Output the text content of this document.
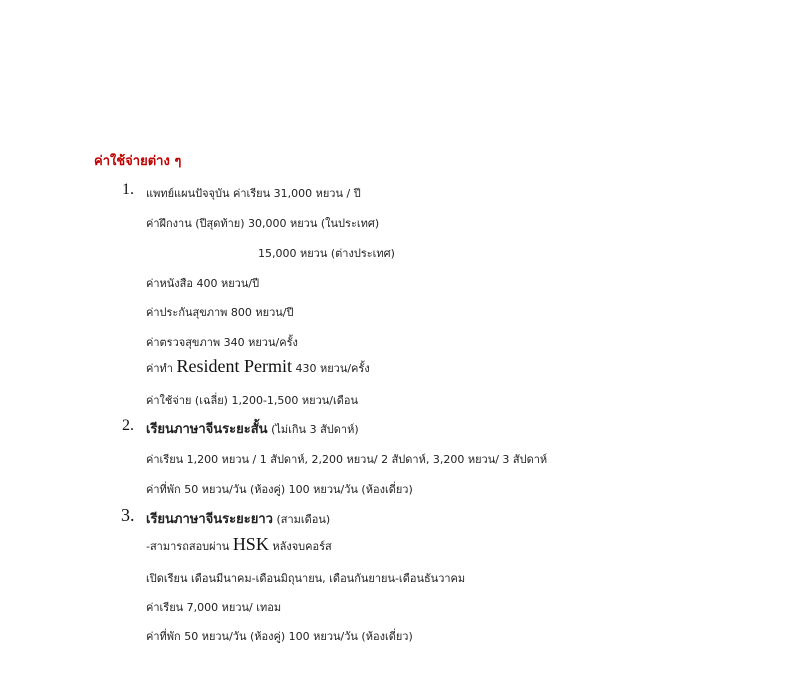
ค่าใช้จ่ายต่าง ๆ
1. แพทย์แผนปัจจุบัน ค่าเรียน 31,000 หยวน / ปี
ค่าฝึกงาน (ปีสุดท้าย) 30,000 หยวน (ในประเทศ)
15,000 หยวน (ต่างประเทศ)
ค่าหนังสือ 400 หยวน/ปี
ค่าประกันสุขภาพ 800 หยวน/ปี
ค่าตรวจสุขภาพ 340 หยวน/ครั้ง
ค่าทำ Resident Permit 430 หยวน/ครั้ง
ค่าใช้จ่าย (เฉลี่ย) 1,200-1,500 หยวน/เดือน
2. เรียนภาษาจีนระยะสั้น (ไม่เกิน 3 สัปดาห์)
ค่าเรียน 1,200 หยวน / 1 สัปดาห์, 2,200 หยวน/ 2 สัปดาห์, 3,200 หยวน/ 3 สัปดาห์
ค่าที่พัก 50 หยวน/วัน (ห้องคู่) 100 หยวน/วัน (ห้องเดี่ยว)
3. เรียนภาษาจีนระยะยาว (สามเดือน)
-สามารถสอบผ่าน HSK หลังจบคอร์ส
เปิดเรียน เดือนมีนาคม-เดือนมิถุนายน, เดือนกันยายน-เดือนธันวาคม
ค่าเรียน 7,000 หยวน/ เทอม
ค่าที่พัก 50 หยวน/วัน (ห้องคู่) 100 หยวน/วัน (ห้องเดี่ยว)
